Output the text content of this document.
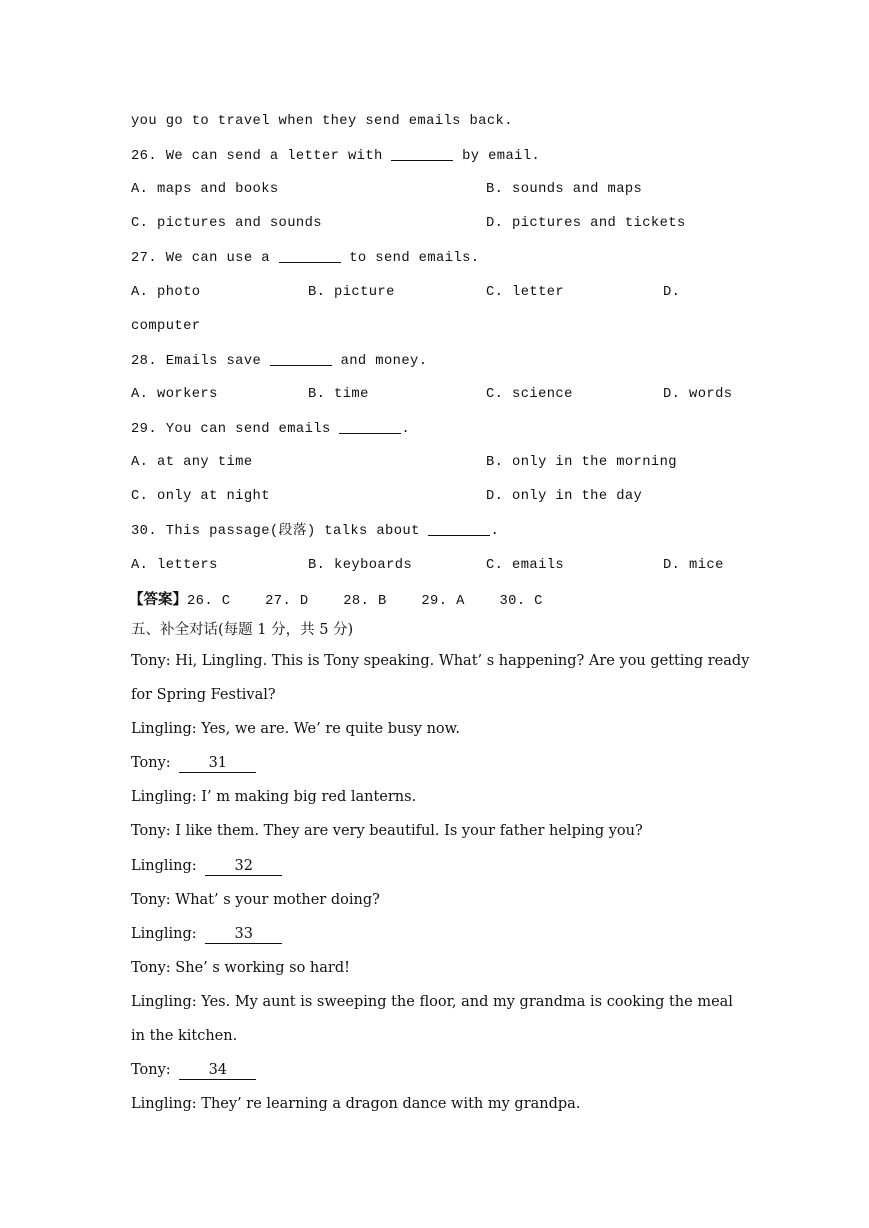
you go to travel when they send emails back.
26. We can send a letter with	by email.

A. maps and books

	B. sounds and maps

C. pictures and sounds

	D. pictures and tickets

27. We can use a	to send emails.

A. photo

	B. picture

	C. letter

	D.

computer
28. Emails save	and money.

A. workers

	B. time

	C. science

	D. words

29. You can send emails	.

A. at any time

	B. only in the morning

C. only at night

	D. only in the day

30. This passage(段落) talks about	.

A. letters

	B. keyboards

	C. emails

	D. mice

【答案】26. C    27. D    28. B    29. A    30. C
五、补全对话(每题 1 分，共 5 分)
Tony: Hi, Lingling. This is Tony speaking. What’ s happening? Are you getting ready
for Spring Festival?
Lingling: Yes, we are. We’ re quite busy now.
Tony: 31
Lingling: I’ m making big red lanterns.
Tony: I like them. They are very beautiful. Is your father helping you?
Lingling: 32
Tony: What’ s your mother doing?
Lingling: 33
Tony: She’ s working so hard!
Lingling: Yes. My aunt is sweeping the floor, and my grandma is cooking the meal
in the kitchen.
Tony: 34
Lingling: They’ re learning a dragon dance with my grandpa.
